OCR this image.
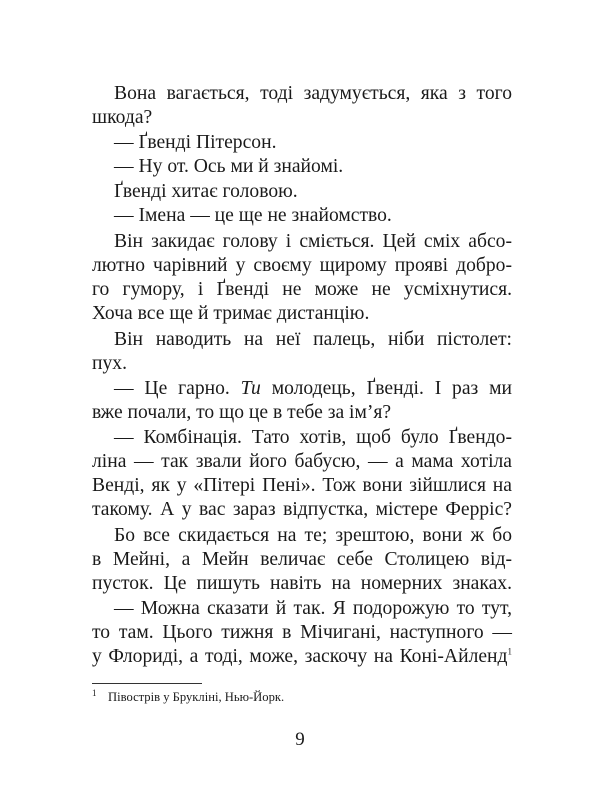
Вона вагається, тоді задумується, яка з того
шкода?
— Ґвенді Пітерсон.
— Ну от. Ось ми й знайомі.
Ґвенді хитає головою.
— Імена — це ще не знайомство.
Він закидає голову і сміється. Цей сміх абсо-
лютно чарівний у своєму щирому прояві добро-
го гумору, і Ґвенді не може не усміхнутися.
Хоча все ще й тримає дистанцію.
Він наводить на неї палець, ніби пістолет:
пух.
— Це гарно. Ти молодець, Ґвенді. І раз ми
вже почали, то що це в тебе за ім’я?
— Комбінація. Тато хотів, щоб було Ґвендо-
ліна — так звали його бабусю, — а мама хотіла
Венді, як у «Пітері Пені». Тож вони зійшлися на
такому. А у вас зараз відпустка, містере Ферріс?
Бо все скидається на те; зрештою, вони ж бо
в Мейні, а Мейн величає себе Столицею від-
пусток. Це пишуть навіть на номерних знаках.
— Можна сказати й так. Я подорожую то тут,
то там. Цього тижня в Мічигані, наступного —
у Флориді, а тоді, може, заскочу на Коні-Айленд$^1$
$^1$ Півострів у Брукліні, Нью-Йорк.
9
